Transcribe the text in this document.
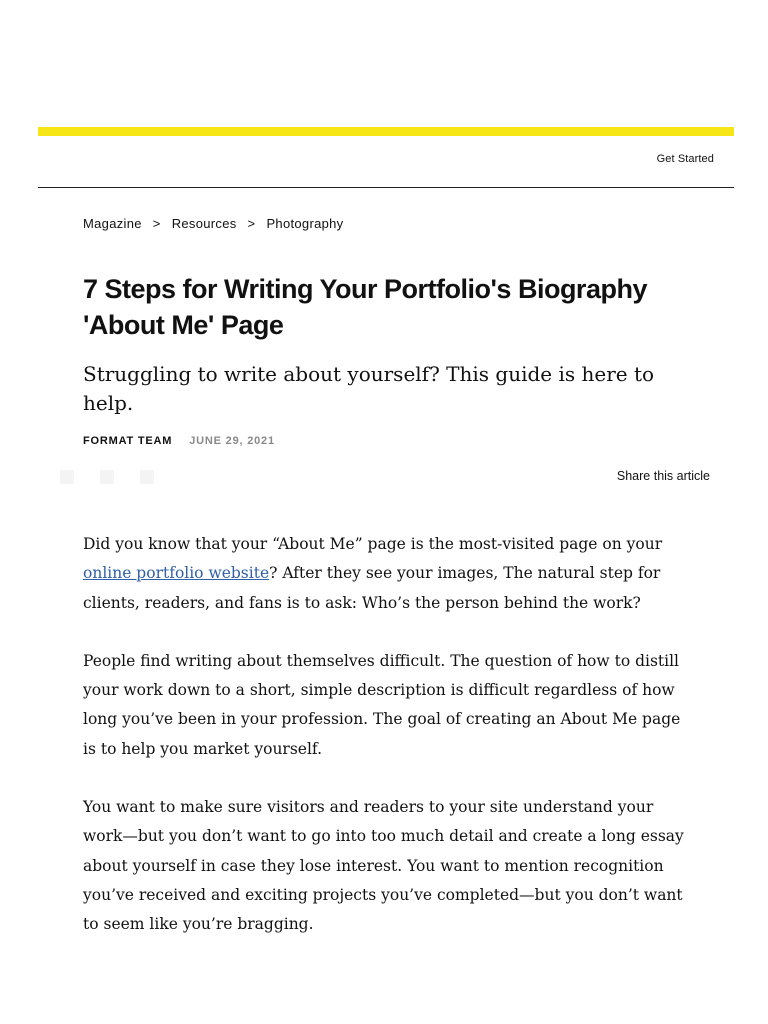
Get Started
Magazine > Resources > Photography
7 Steps for Writing Your Portfolio's Biography 'About Me' Page

Struggling to write about yourself? This guide is here to help.

FORMAT TEAM JUNE 29, 2021
Share this article

Did you know that your “About Me” page is the most-visited page on your online portfolio website? After they see your images, The natural step for clients, readers, and fans is to ask: Who’s the person behind the work?

People find writing about themselves difficult. The question of how to distill your work down to a short, simple description is difficult regardless of how long you’ve been in your profession. The goal of creating an About Me page is to help you market yourself.

You want to make sure visitors and readers to your site understand your work—but you don’t want to go into too much detail and create a long essay about yourself in case they lose interest. You want to mention recognition you’ve received and exciting projects you’ve completed—but you don’t want to seem like you’re bragging.
